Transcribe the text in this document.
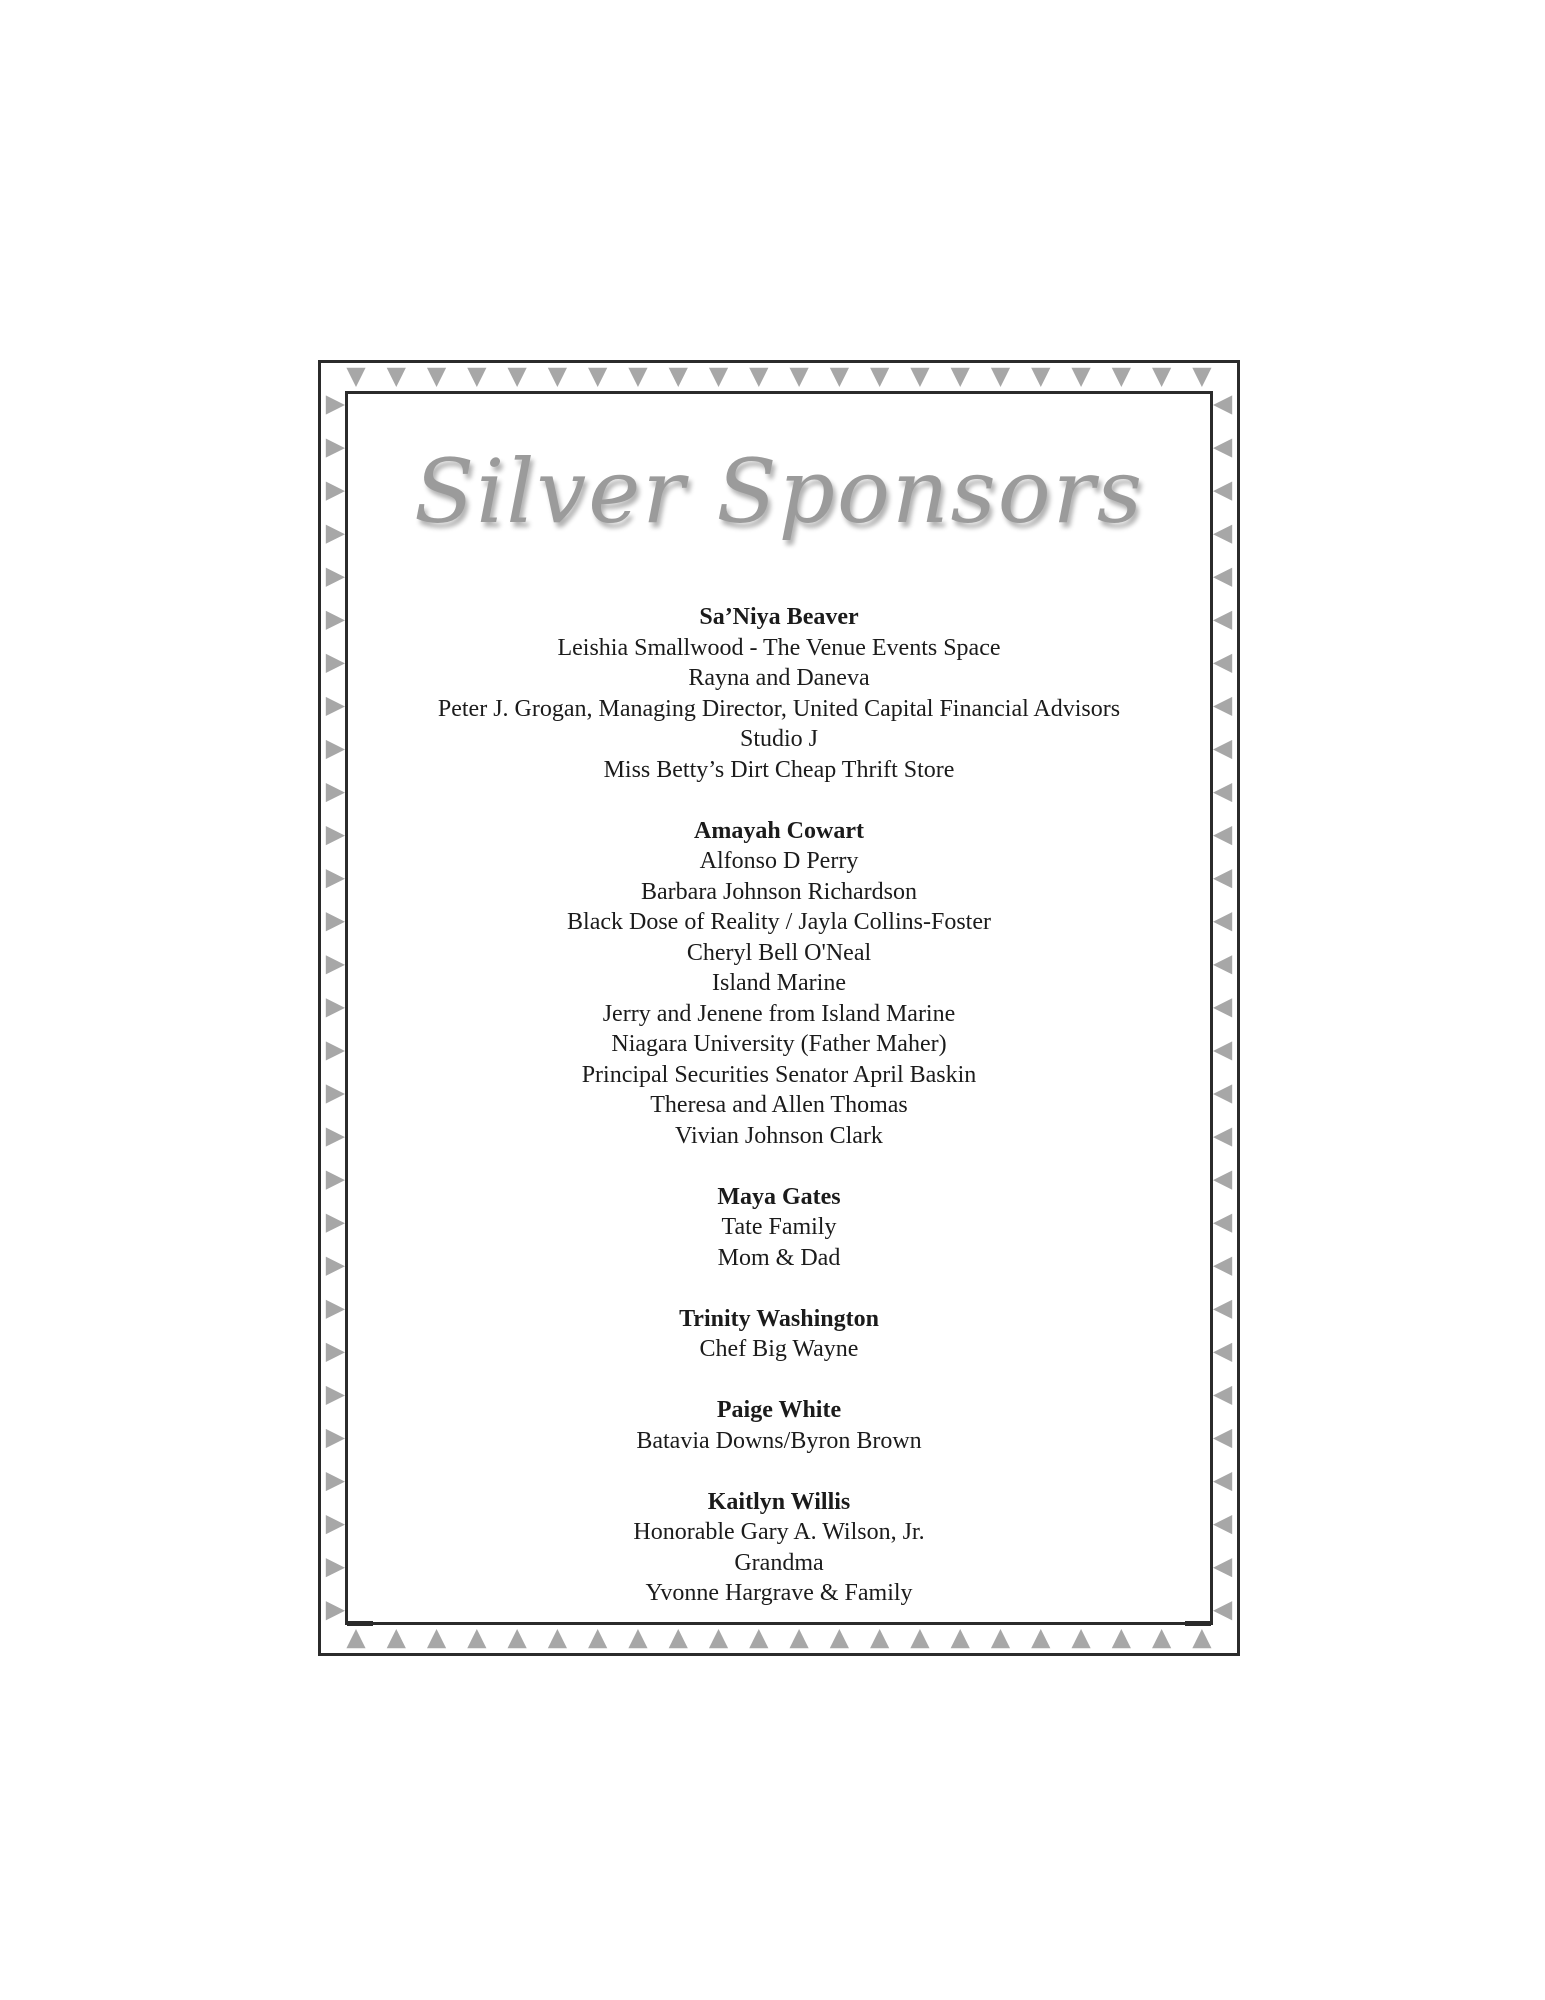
Silver Sponsors
Sa’Niya Beaver
Leishia Smallwood - The Venue Events Space
Rayna and Daneva
Peter J. Grogan, Managing Director, United Capital Financial Advisors
Studio J
Miss Betty’s Dirt Cheap Thrift Store
Amayah Cowart
Alfonso D Perry
Barbara Johnson Richardson
Black Dose of Reality / Jayla Collins-Foster
Cheryl Bell O'Neal
Island Marine
Jerry and Jenene from Island Marine
Niagara University (Father Maher)
Principal Securities Senator April Baskin
Theresa and Allen Thomas
Vivian Johnson Clark
Maya Gates
Tate Family
Mom & Dad
Trinity Washington
Chef Big Wayne
Paige White
Batavia Downs/Byron Brown
Kaitlyn Willis
Honorable Gary A. Wilson, Jr.
Grandma
Yvonne Hargrave & Family
